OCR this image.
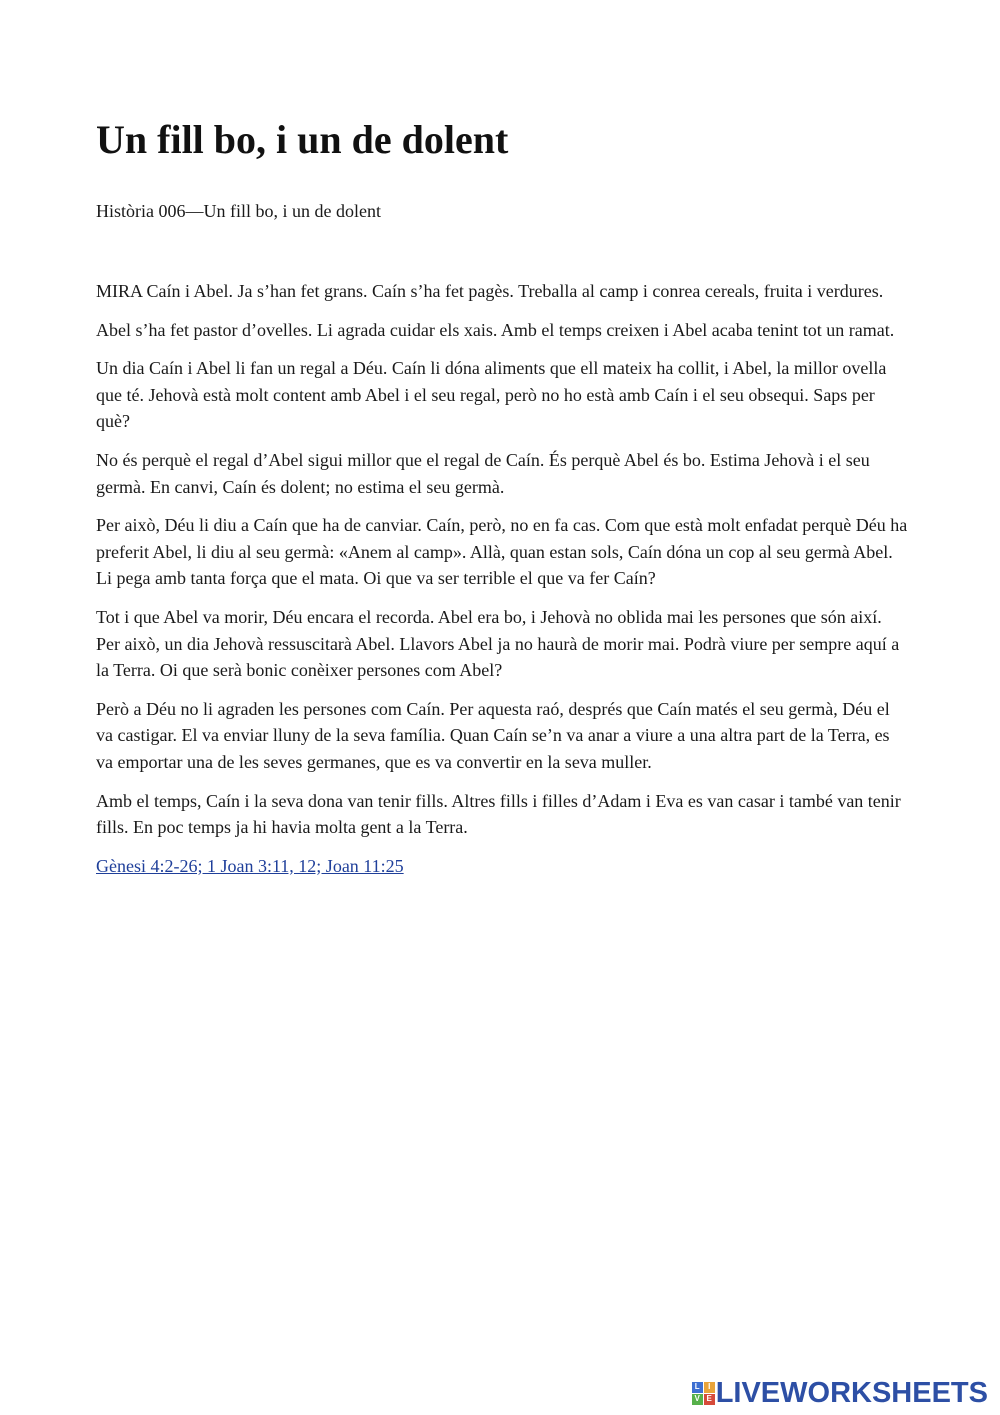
Un fill bo, i un de dolent
Història 006—Un fill bo, i un de dolent

MIRA Caín i Abel. Ja s’han fet grans. Caín s’ha fet pagès. Treballa al camp i conrea cereals, fruita i verdures.

Abel s’ha fet pastor d’ovelles. Li agrada cuidar els xais. Amb el temps creixen i Abel acaba tenint tot un ramat.

Un dia Caín i Abel li fan un regal a Déu. Caín li dóna aliments que ell mateix ha collit, i Abel, la millor ovella que té. Jehovà està molt content amb Abel i el seu regal, però no ho està amb Caín i el seu obsequi. Saps per què?

No és perquè el regal d’Abel sigui millor que el regal de Caín. És perquè Abel és bo. Estima Jehovà i el seu germà. En canvi, Caín és dolent; no estima el seu germà.

Per això, Déu li diu a Caín que ha de canviar. Caín, però, no en fa cas. Com que està molt enfadat perquè Déu ha preferit Abel, li diu al seu germà: «Anem al camp». Allà, quan estan sols, Caín dóna un cop al seu germà Abel. Li pega amb tanta força que el mata. Oi que va ser terrible el que va fer Caín?

Tot i que Abel va morir, Déu encara el recorda. Abel era bo, i Jehovà no oblida mai les persones que són així. Per això, un dia Jehovà ressuscitarà Abel. Llavors Abel ja no haurà de morir mai. Podrà viure per sempre aquí a la Terra. Oi que serà bonic conèixer persones com Abel?

Però a Déu no li agraden les persones com Caín. Per aquesta raó, després que Caín matés el seu germà, Déu el va castigar. El va enviar lluny de la seva família. Quan Caín se’n va anar a viure a una altra part de la Terra, es va emportar una de les seves germanes, que es va convertir en la seva muller.

Amb el temps, Caín i la seva dona van tenir fills. Altres fills i filles d’Adam i Eva es van casar i també van tenir fills. En poc temps ja hi havia molta gent a la Terra.

Gènesi 4:2-26; 1 Joan 3:11, 12; Joan 11:25
L	I
V E LIVEWORKSHEETS
